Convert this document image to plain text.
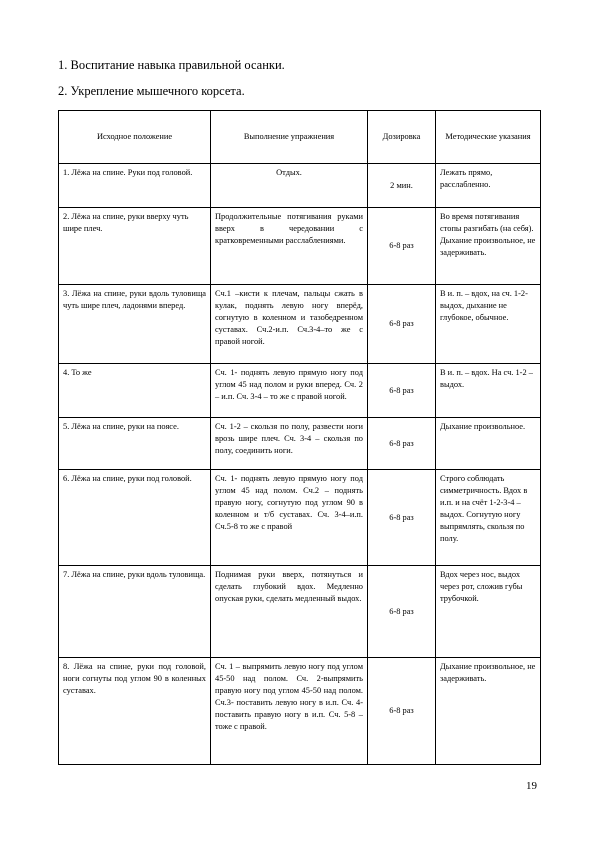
1. Воспитание навыка правильной осанки.
2. Укрепление мышечного корсета.
Исходное положение	Выполнение упражнения	Дозировка	Методические указания
1. Лёжа на спине. Руки под головой.	Отдых.	2 мин.	Лежать прямо, расслабленно.
2. Лёжа на спине, руки вверху чуть шире плеч.	Продолжительные потягивания руками вверх в чередовании с кратковременными расслаблениями.	6-8 раз	Во время потягивания стопы разгибать (на себя). Дыхание произвольное, не задерживать.
3. Лёжа на спине, руки вдоль туловища чуть шире плеч, ладонями вперед.	Сч.1 –кисти к плечам, пальцы сжать в кулак, поднять левую ногу вперёд, согнутую в коленном и тазобедренном суставах. Сч.2-и.п. Сч.3-4–то же с правой ногой.	6-8 раз	В и. п. – вдох, на сч. 1-2- выдох, дыхание не глубокое, обычное.
4. То же	Сч. 1- поднять левую прямую ногу под углом 45 над полом и руки вперед. Сч. 2 – и.п. Сч. 3-4 – то же с правой ногой.	6-8 раз	В и. п. – вдох. На сч. 1-2 – выдох.
5. Лёжа на спине, руки на поясе.	Сч. 1-2 – скользя по полу, развести ноги врозь шире плеч. Сч. 3-4 – скользя по полу, соединить ноги.	6-8 раз	Дыхание произвольное.
6. Лёжа на спине, руки под головой.	Сч. 1- поднять левую прямую ногу под углом 45 над полом. Сч.2 – поднять правую ногу, согнутую под углом 90 в коленном и т/б суставах. Сч. 3-4–и.п. Сч.5-8 то же с правой	6-8 раз	Строго соблюдать симметричность. Вдох в и.п. и на счёт 1-2-3-4 – выдох. Согнутую ногу выпрямлять, скользя по полу.
7. Лёжа на спине, руки вдоль туловища.	Поднимая руки вверх, потянуться и сделать глубокий вдох. Медленно опуская руки, сделать медленный выдох.	6-8 раз	Вдох через нос, выдох через рот, сложив губы трубочкой.
8. Лёжа на спине, руки под головой, ноги согнуты под углом 90 в коленных суставах.	Сч. 1 – выпрямить левую ногу под углом 45-50 над полом. Сч. 2-выпрямить правую ногу под углом 45-50 над полом. Сч.3- поставить левую ногу в и.п. Сч. 4-поставить правую ногу в и.п. Сч. 5-8 – тоже с правой.	6-8 раз	Дыхание произвольное, не задерживать.
19
